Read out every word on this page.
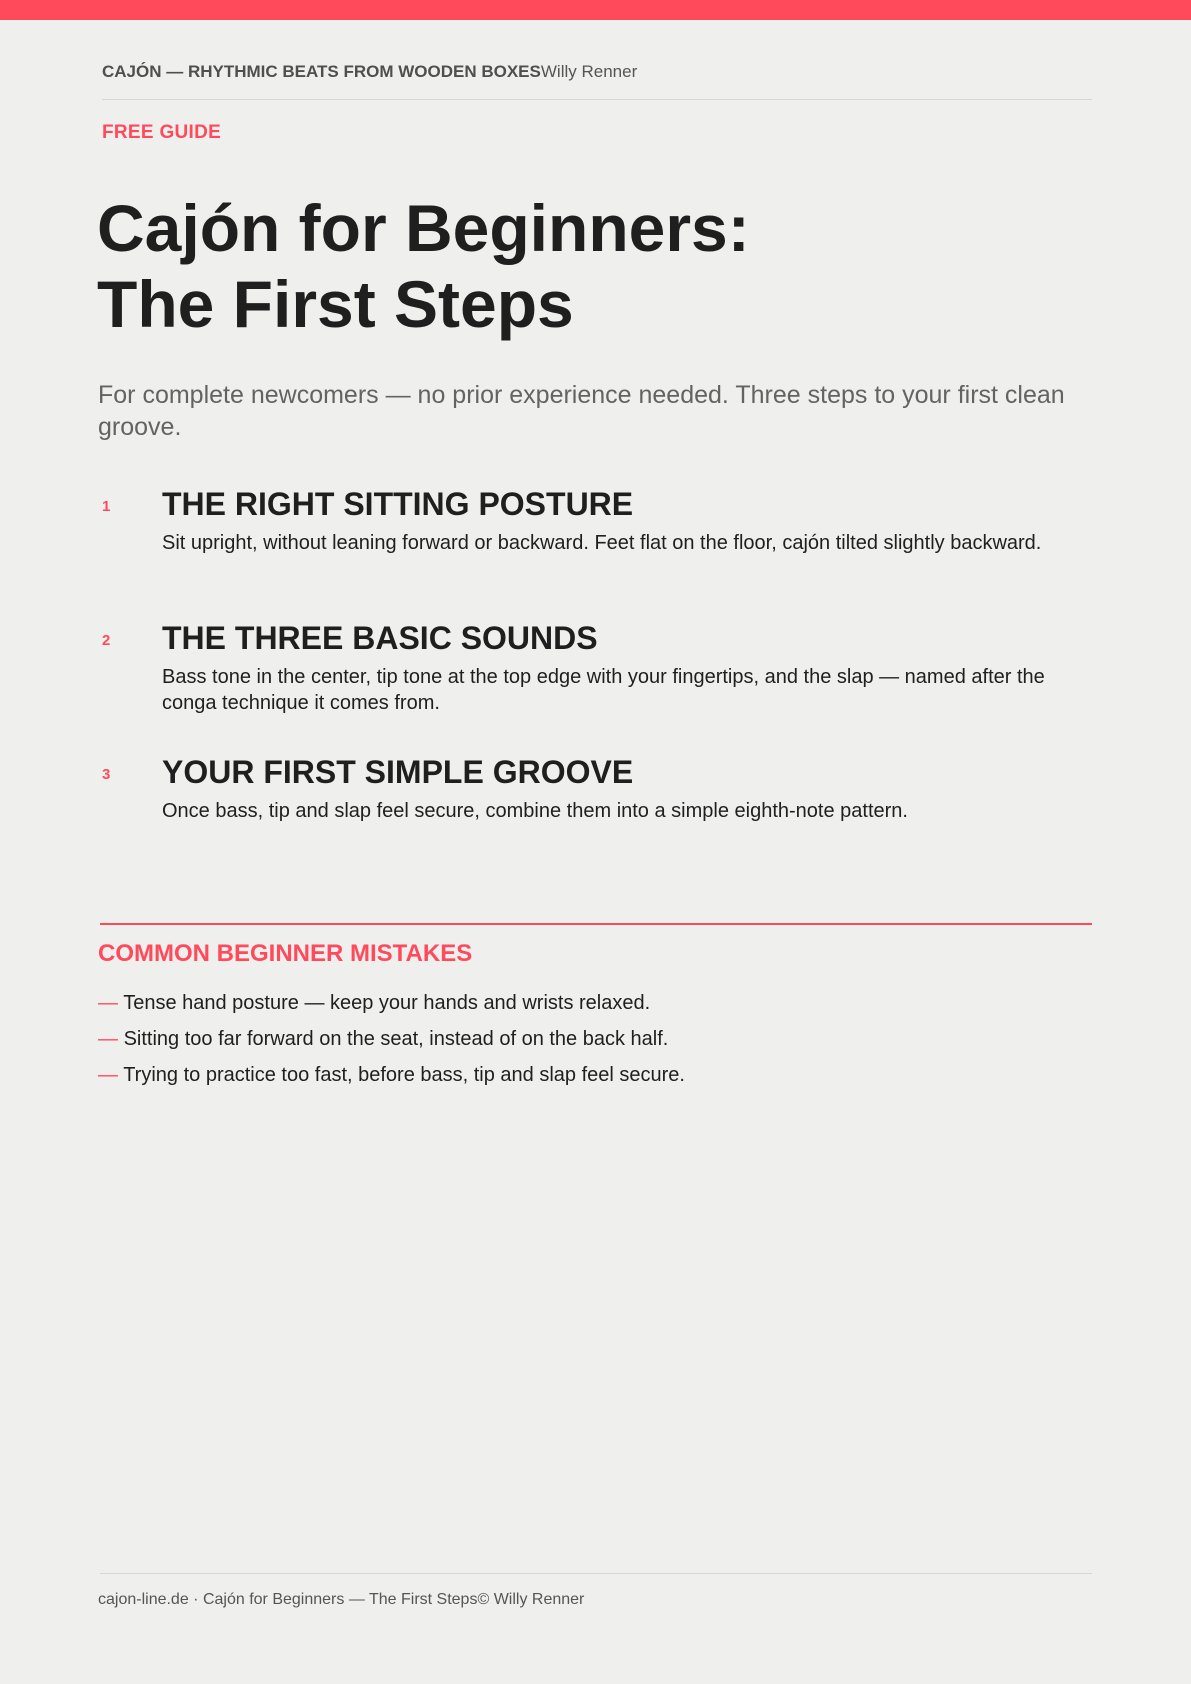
CAJÓN — RHYTHMIC BEATS FROM WOODEN BOXESWilly Renner
FREE GUIDE
Cajón for Beginners:
The First Steps

For complete newcomers — no prior experience needed. Three steps to your first clean groove.

1 THE RIGHT SITTING POSTURE

Sit upright, without leaning forward or backward. Feet flat on the floor, cajón tilted slightly backward.

2 THE THREE BASIC SOUNDS

Bass tone in the center, tip tone at the top edge with your fingertips, and the slap — named after the conga technique it comes from.

3 YOUR FIRST SIMPLE GROOVE

Once bass, tip and slap feel secure, combine them into a simple eighth-note pattern.

COMMON BEGINNER MISTAKES
— Tense hand posture — keep your hands and wrists relaxed.
— Sitting too far forward on the seat, instead of on the back half.
— Trying to practice too fast, before bass, tip and slap feel secure.
cajon-line.de · Cajón for Beginners — The First Steps© Willy Renner
